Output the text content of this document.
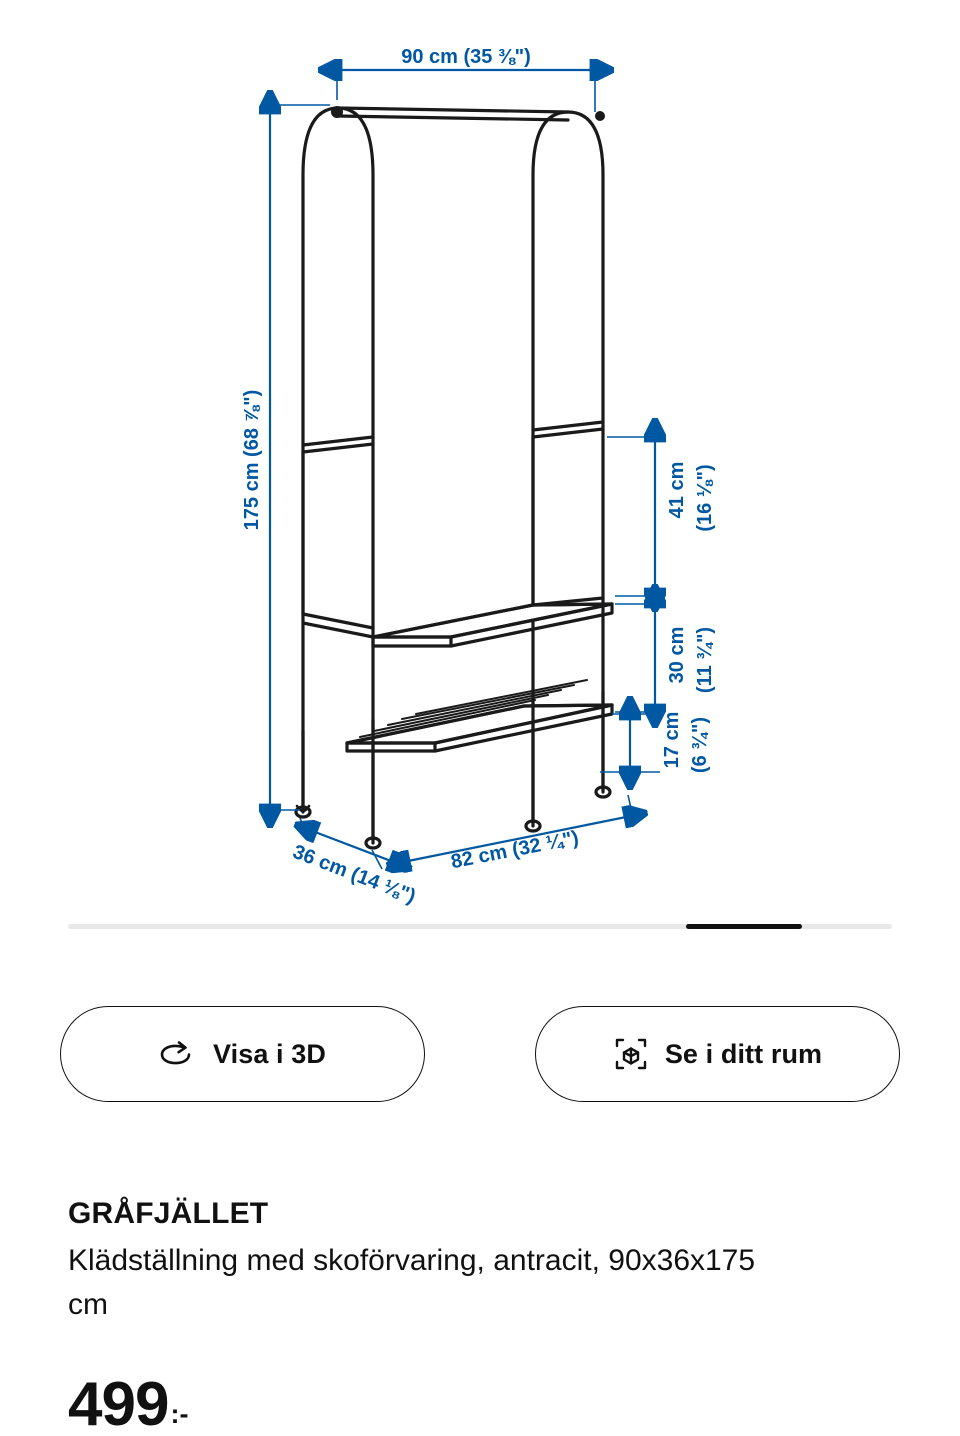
90 cm (35 ⅜")
175 cm (68 ⅞")	41 cm (16 ⅛")
30 cm (11 ¾")
17 cm (6 ¾")
36 cm (14 ⅛") 82 cm (32 ¼")
Visa i 3D	Se i ditt rum
GRÅFJÄLLET

Klädställning med skoförvaring, antracit, 90x36x175 cm

499 :-
